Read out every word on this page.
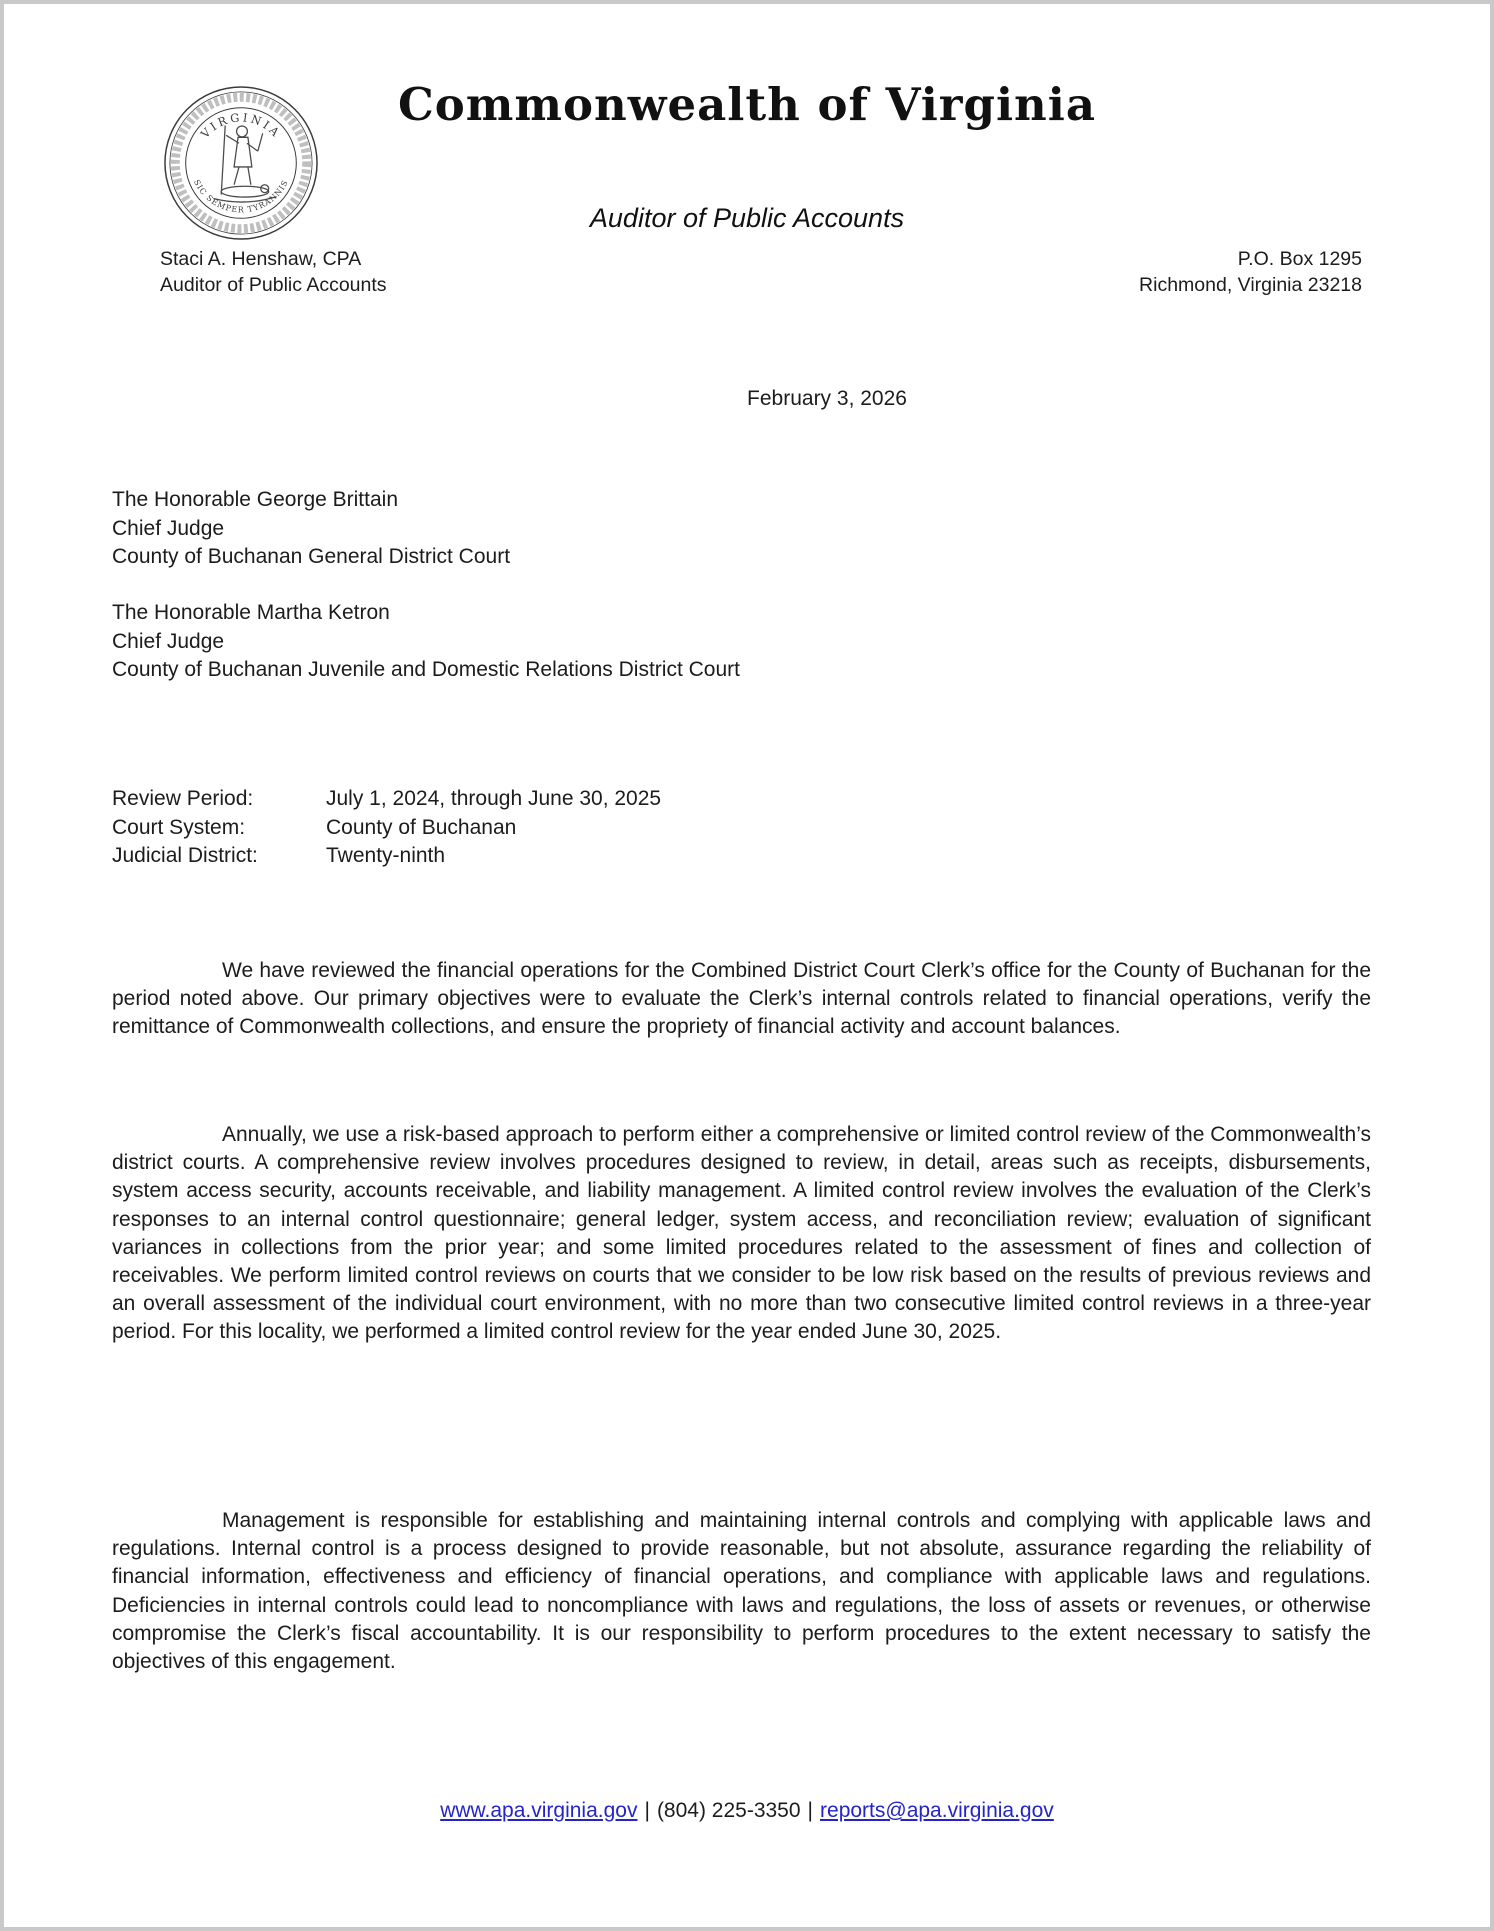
VIRGINIA
SIC SEMPER TYRANNIS
Commonwealth of Virginia
Auditor of Public Accounts
Staci A. Henshaw, CPA
Auditor of Public Accounts
P.O. Box 1295
Richmond, Virginia 23218
February 3, 2026
The Honorable George Brittain
Chief Judge
County of Buchanan General District Court
The Honorable Martha Ketron
Chief Judge
County of Buchanan Juvenile and Domestic Relations District Court
Review Period:	July 1, 2024, through June 30, 2025
Court System:	County of Buchanan
Judicial District:	Twenty-ninth
We have reviewed the financial operations for the Combined District Court Clerk’s office for the County of Buchanan for the period noted above. Our primary objectives were to evaluate the Clerk’s internal controls related to financial operations, verify the remittance of Commonwealth collections, and ensure the propriety of financial activity and account balances.
Annually, we use a risk-based approach to perform either a comprehensive or limited control review of the Commonwealth’s district courts. A comprehensive review involves procedures designed to review, in detail, areas such as receipts, disbursements, system access security, accounts receivable, and liability management. A limited control review involves the evaluation of the Clerk’s responses to an internal control questionnaire; general ledger, system access, and reconciliation review; evaluation of significant variances in collections from the prior year; and some limited procedures related to the assessment of fines and collection of receivables. We perform limited control reviews on courts that we consider to be low risk based on the results of previous reviews and an overall assessment of the individual court environment, with no more than two consecutive limited control reviews in a three-year period. For this locality, we performed a limited control review for the year ended June 30, 2025.
Management is responsible for establishing and maintaining internal controls and complying with applicable laws and regulations. Internal control is a process designed to provide reasonable, but not absolute, assurance regarding the reliability of financial information, effectiveness and efficiency of financial operations, and compliance with applicable laws and regulations. Deficiencies in internal controls could lead to noncompliance with laws and regulations, the loss of assets or revenues, or otherwise compromise the Clerk’s fiscal accountability. It is our responsibility to perform procedures to the extent necessary to satisfy the objectives of this engagement.
www.apa.virginia.gov | (804) 225-3350 | reports@apa.virginia.gov
